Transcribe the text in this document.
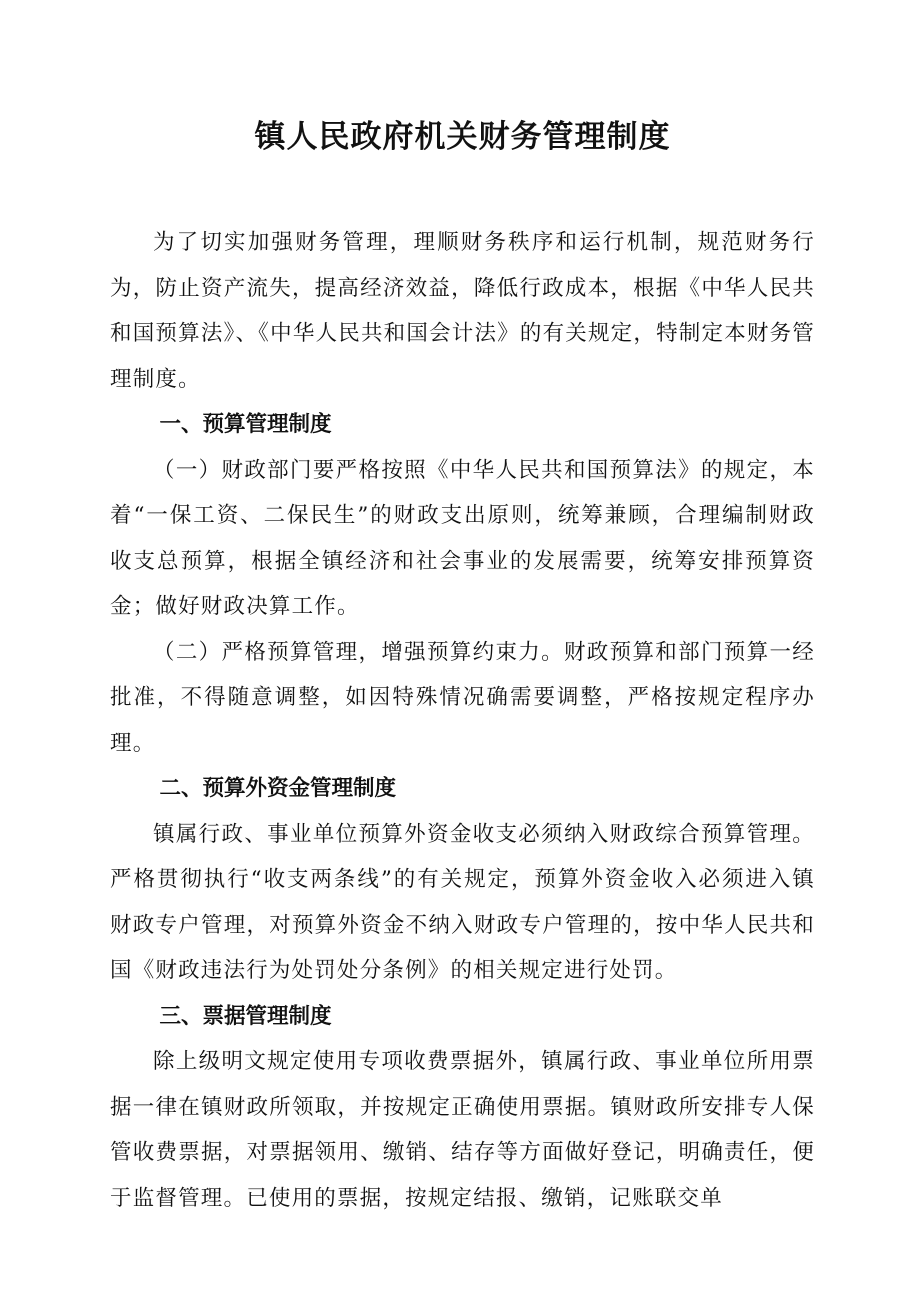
镇人民政府机关财务管理制度

为了切实加强财务管理，理顺财务秩序和运行机制，规范财务行为，防止资产流失，提高经济效益，降低行政成本，根据《中华人民共和国预算法》、《中华人民共和国会计法》的有关规定，特制定本财务管理制度。

一、预算管理制度

（一）财政部门要严格按照《中华人民共和国预算法》的规定，本着“一保工资、二保民生”的财政支出原则，统筹兼顾，合理编制财政收支总预算，根据全镇经济和社会事业的发展需要，统筹安排预算资金；做好财政决算工作。

（二）严格预算管理，增强预算约束力。财政预算和部门预算一经批准，不得随意调整，如因特殊情况确需要调整，严格按规定程序办理。

二、预算外资金管理制度

镇属行政、事业单位预算外资金收支必须纳入财政综合预算管理。严格贯彻执行“收支两条线”的有关规定，预算外资金收入必须进入镇财政专户管理，对预算外资金不纳入财政专户管理的，按中华人民共和国《财政违法行为处罚处分条例》的相关规定进行处罚。

三、票据管理制度

除上级明文规定使用专项收费票据外，镇属行政、事业单位所用票据一律在镇财政所领取，并按规定正确使用票据。镇财政所安排专人保管收费票据，对票据领用、缴销、结存等方面做好登记，明确责任，便于监督管理。已使用的票据，按规定结报、缴销，记账联交单
